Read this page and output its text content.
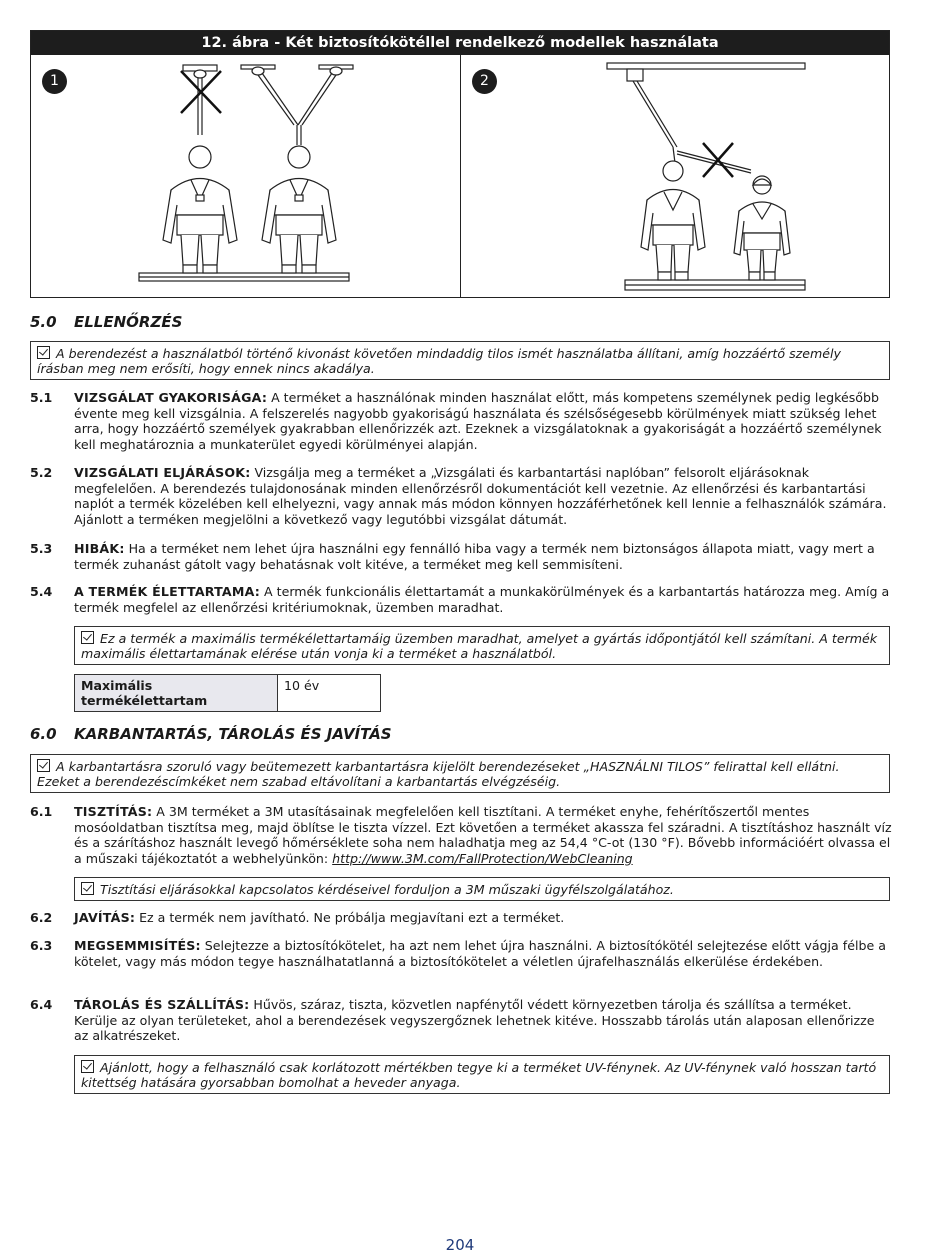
12. ábra - Két biztosítókötéllel rendelkező modellek használata
1	2
5.0 ELLENŐRZÉS
A berendezést a használatból történő kivonást követően mindaddig tilos ismét használatba állítani, amíg hozzáértő személy írásban meg nem erősíti, hogy ennek nincs akadálya.
5.1 VIZSGÁLAT GYAKORISÁGA: A terméket a használónak minden használat előtt, más kompetens személynek pedig legkésőbb évente meg kell vizsgálnia. A felszerelés nagyobb gyakoriságú használata és szélsőségesebb körülmények miatt szükség lehet arra, hogy hozzáértő személyek gyakrabban ellenőrizzék azt. Ezeknek a vizsgálatoknak a gyakoriságát a hozzáértő személynek kell meghatároznia a munkaterület egyedi körülményei alapján.
5.2 VIZSGÁLATI ELJÁRÁSOK: Vizsgálja meg a terméket a „Vizsgálati és karbantartási naplóban” felsorolt eljárásoknak megfelelően. A berendezés tulajdonosának minden ellenőrzésről dokumentációt kell vezetnie. Az ellenőrzési és karbantartási naplót a termék közelében kell elhelyezni, vagy annak más módon könnyen hozzáférhetőnek kell lennie a felhasználók számára. Ajánlott a terméken megjelölni a következő vagy legutóbbi vizsgálat dátumát.
5.3 HIBÁK: Ha a terméket nem lehet újra használni egy fennálló hiba vagy a termék nem biztonságos állapota miatt, vagy mert a termék zuhanást gátolt vagy behatásnak volt kitéve, a terméket meg kell semmisíteni.
5.4 A TERMÉK ÉLETTARTAMA: A termék funkcionális élettartamát a munkakörülmények és a karbantartás határozza meg. Amíg a termék megfelel az ellenőrzési kritériumoknak, üzemben maradhat.
Ez a termék a maximális termékélettartamáig üzemben maradhat, amelyet a gyártás időpontjától kell számítani. A termék maximális élettartamának elérése után vonja ki a terméket a használatból.
Maximális termékélettartam	10 év
6.0 KARBANTARTÁS, TÁROLÁS ÉS JAVÍTÁS
A karbantartásra szoruló vagy beütemezett karbantartásra kijelölt berendezéseket „HASZNÁLNI TILOS” felirattal kell ellátni. Ezeket a berendezéscímkéket nem szabad eltávolítani a karbantartás elvégzéséig.
6.1 TISZTÍTÁS: A 3M terméket a 3M utasításainak megfelelően kell tisztítani. A terméket enyhe, fehérítőszertől mentes mosóoldatban tisztítsa meg, majd öblítse le tiszta vízzel. Ezt követően a terméket akassza fel száradni. A tisztításhoz használt víz és a szárításhoz használt levegő hőmérséklete soha nem haladhatja meg az 54,4 °C-ot (130 °F). Bővebb információért olvassa el a műszaki tájékoztatót a webhelyünkön: http://www.3M.com/FallProtection/WebCleaning
Tisztítási eljárásokkal kapcsolatos kérdéseivel forduljon a 3M műszaki ügyfélszolgálatához.
6.2 JAVÍTÁS: Ez a termék nem javítható. Ne próbálja megjavítani ezt a terméket.
6.3 MEGSEMMISÍTÉS: Selejtezze a biztosítókötelet, ha azt nem lehet újra használni. A biztosítókötél selejtezése előtt vágja félbe a kötelet, vagy más módon tegye használhatatlanná a biztosítókötelet a véletlen újrafelhasználás elkerülése érdekében.
6.4 TÁROLÁS ÉS SZÁLLÍTÁS: Hűvös, száraz, tiszta, közvetlen napfénytől védett környezetben tárolja és szállítsa a terméket. Kerülje az olyan területeket, ahol a berendezések vegyszergőznek lehetnek kitéve. Hosszabb tárolás után alaposan ellenőrizze az alkatrészeket.
Ajánlott, hogy a felhasználó csak korlátozott mértékben tegye ki a terméket UV-fénynek. Az UV-fénynek való hosszan tartó kitettség hatására gyorsabban bomolhat a heveder anyaga.
204
